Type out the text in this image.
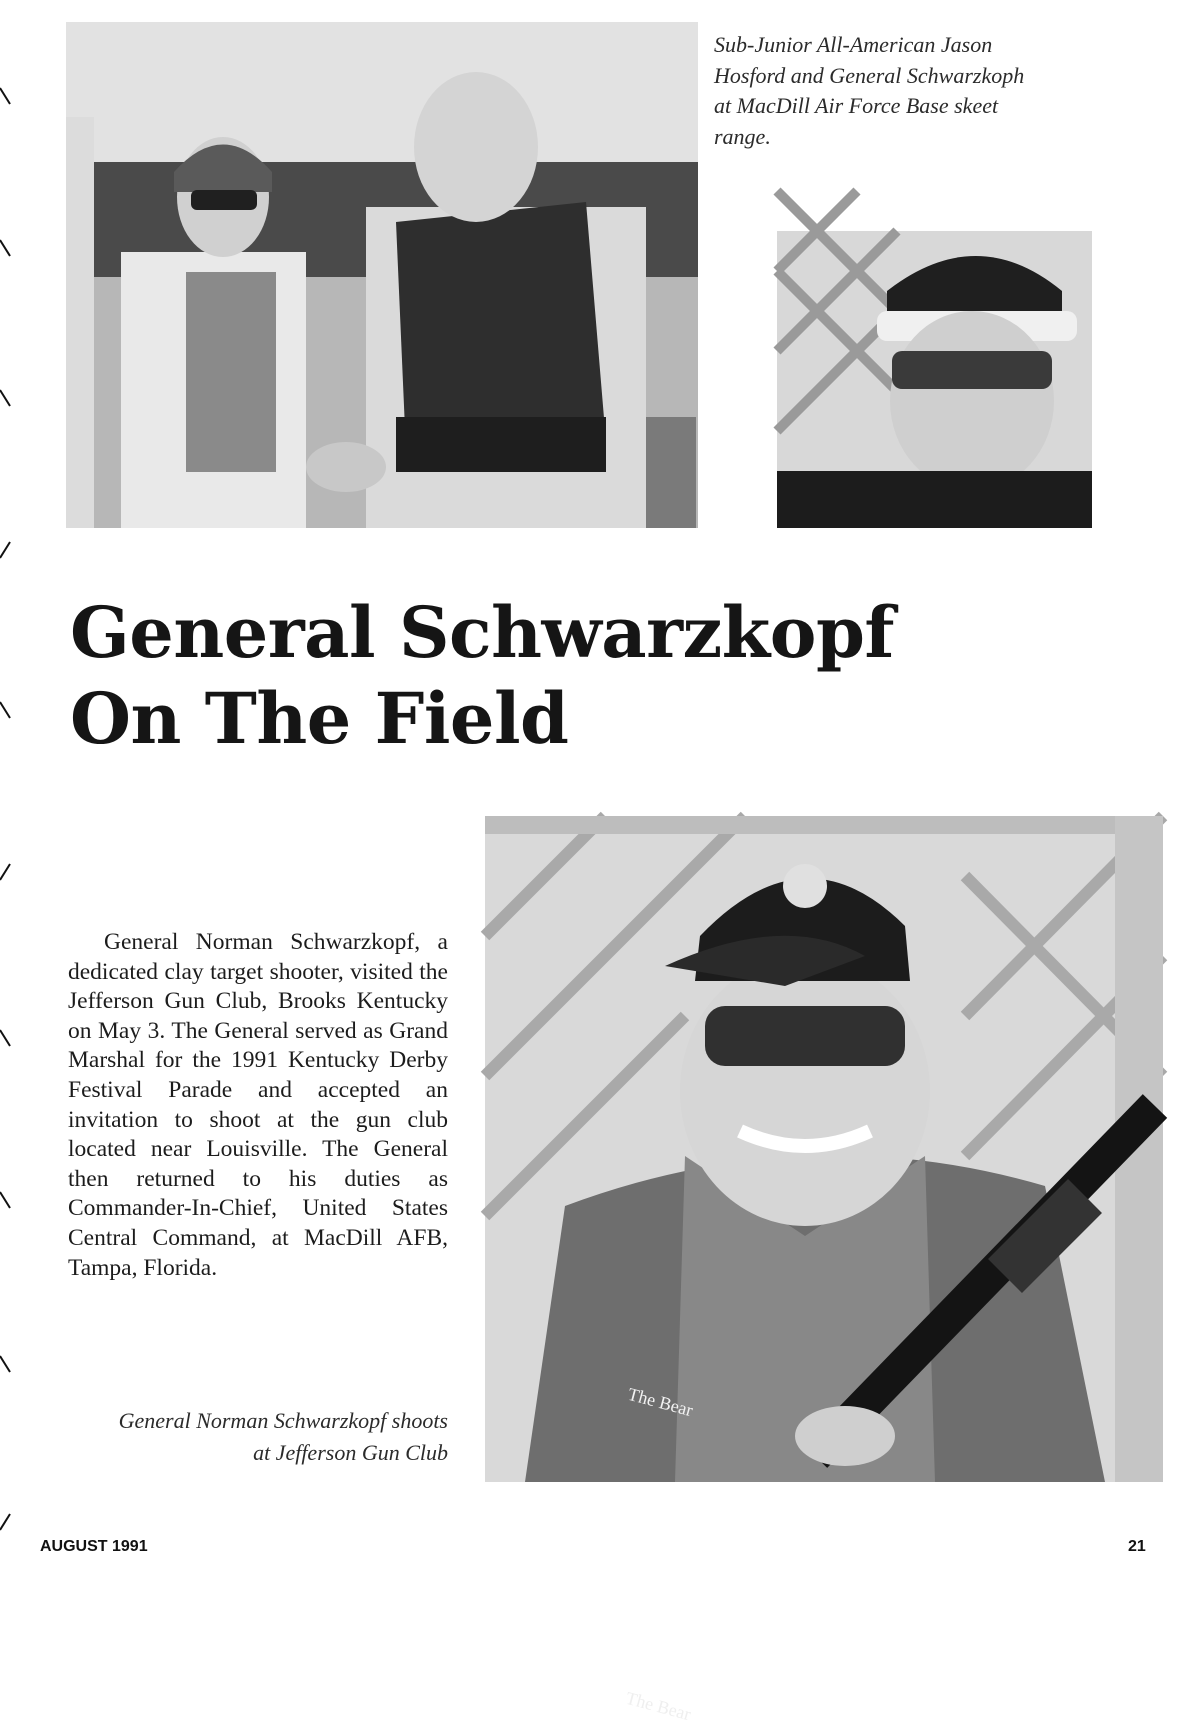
Sub-Junior All-American Jason Hosford and General Schwarzkoph at MacDill Air Force Base skeet range.
General Schwarzkopf
On The Field

General Norman Schwarzkopf, a dedicated clay target shooter, visited the Jefferson Gun Club, Brooks Kentucky on May 3. The General served as Grand Marshal for the 1991 Kentucky Derby Festival Parade and accepted an invitation to shoot at the gun club located near Louisville. The General then returned to his duties as Commander-In-Chief, United States Central Command, at MacDill AFB, Tampa, Florida.

The Bear
The Bear
General Norman Schwarzkopf shoots
at Jefferson Gun Club
AUGUST 1991	21
